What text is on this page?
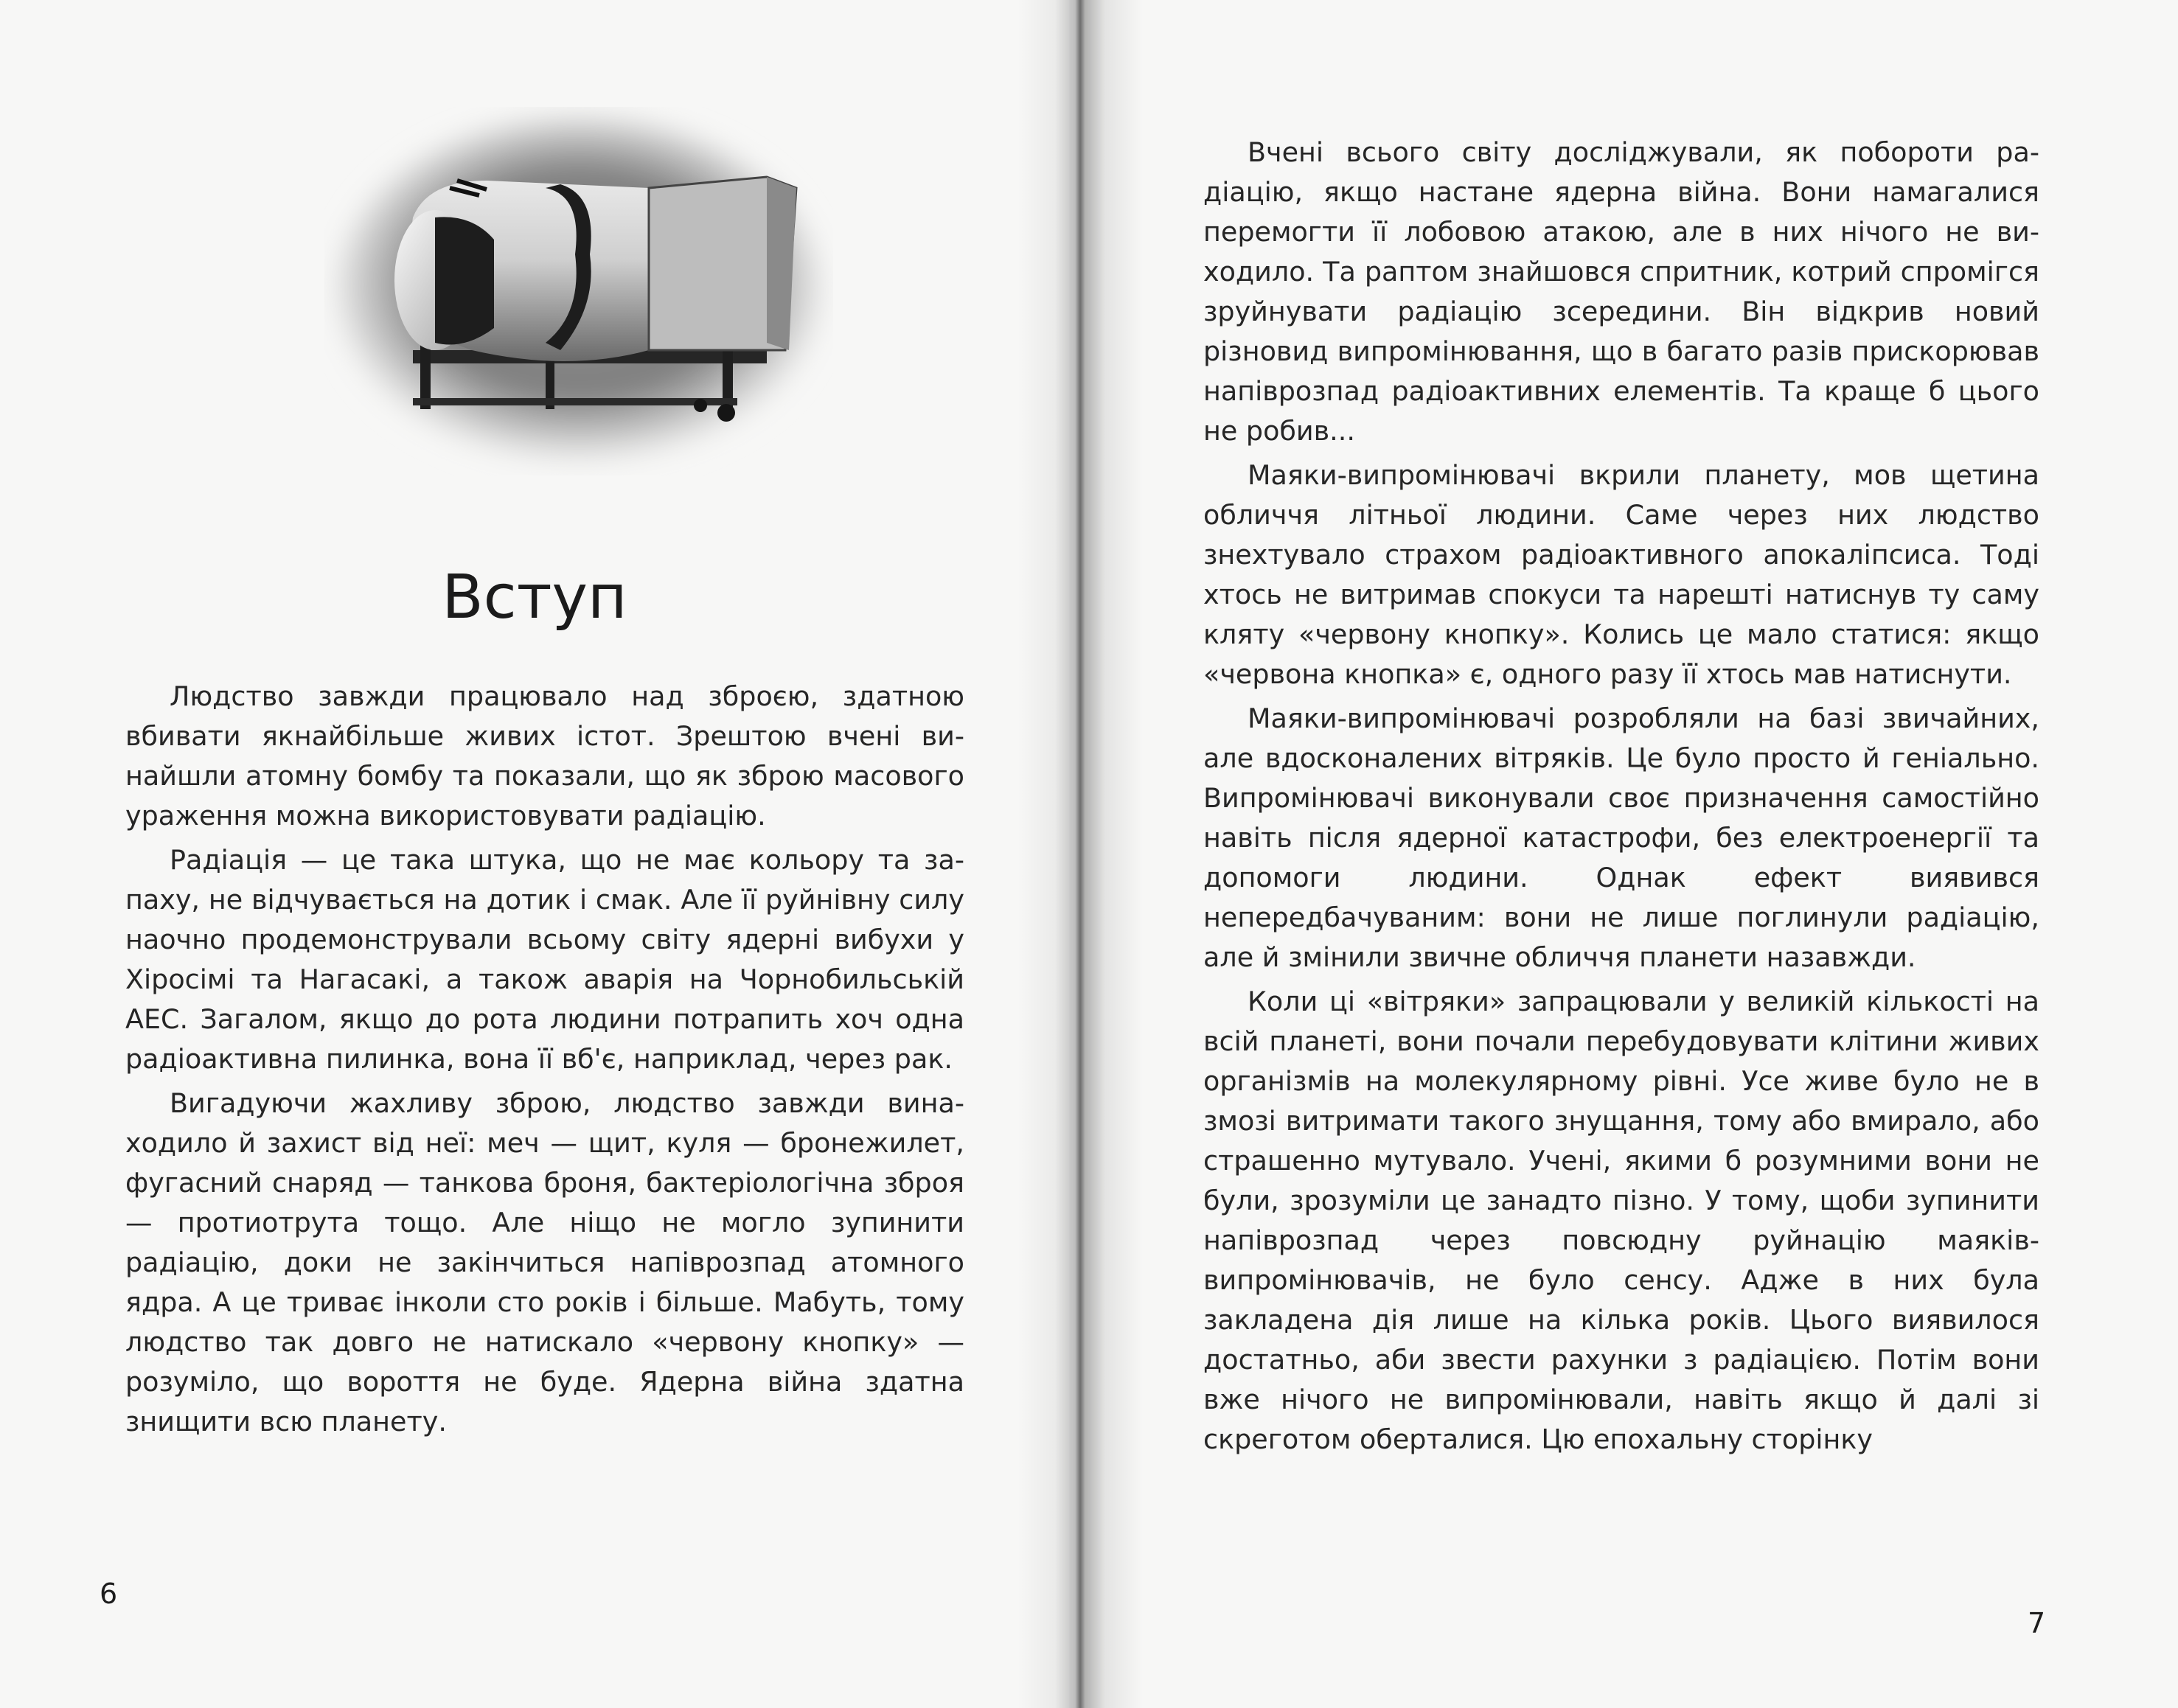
Вступ

Людство завжди працювало над зброєю, здатною вбивати якнайбільше живих істот. Зрештою вчені винайшли атомну бомбу та показали, що як зброю масового ураження можна використовувати радіацію.

Радіація — це така штука, що не має кольору та запаху, не відчувається на дотик і смак. Але її руйнівну силу наочно продемонстрували всьому світу ядерні вибухи у Хіросімі та Нагасакі, а також аварія на Чорнобильській АЕС. Загалом, якщо до рота людини потрапить хоч одна радіоактивна пилинка, вона її вб'є, наприклад, через рак.

Вигадуючи жахливу зброю, людство завжди винаходило й захист від неї: меч — щит, куля — бронежилет, фугасний снаряд — танкова броня, бактеріологічна зброя — протиотрута тощо. Але ніщо не могло зупинити радіацію, доки не закінчиться напіврозпад атомного ядра. А це триває інколи сто років і більше. Мабуть, тому людство так довго не натискало «червону кнопку» — розуміло, що вороття не буде. Ядерна війна здатна знищити всю планету.

6
7

Вчені всього світу досліджували, як побороти радіацію, якщо настане ядерна війна. Вони намагалися перемогти її лобовою атакою, але в них нічого не виходило. Та раптом знайшовся спритник, котрий спромігся зруйнувати радіацію зсередини. Він відкрив новий різновид випромінювання, що в багато разів прискорював напіврозпад радіоактивних елементів. Та краще б цього не робив...

Маяки-випромінювачі вкрили планету, мов щетина обличчя літньої людини. Саме через них людство знехтувало страхом радіоактивного апокаліпсиса. Тоді хтось не витримав спокуси та нарешті натиснув ту саму кляту «червону кнопку». Колись це мало статися: якщо «червона кнопка» є, одного разу її хтось мав натиснути.

Маяки-випромінювачі розробляли на базі звичайних, але вдосконалених вітряків. Це було просто й геніально. Випромінювачі виконували своє призначення самостійно навіть після ядерної катастрофи, без електроенергії та допомоги людини. Однак ефект виявився непередбачуваним: вони не лише поглинули радіацію, але й змінили звичне обличчя планети назавжди.

Коли ці «вітряки» запрацювали у великій кількості на всій планеті, вони почали перебудовувати клітини живих організмів на молекулярному рівні. Усе живе було не в змозі витримати такого знущання, тому або вмирало, або страшенно мутувало. Учені, якими б розумними вони не були, зрозуміли це занадто пізно. У тому, щоби зупинити напіврозпад через повсюдну руйнацію маяків-випромінювачів, не було сенсу. Адже в них була закладена дія лише на кілька років. Цього виявилося достатньо, аби звести рахунки з радіацією. Потім вони вже нічого не випромінювали, навіть якщо й далі зі скреготом оберталися. Цю епохальну сторінку
